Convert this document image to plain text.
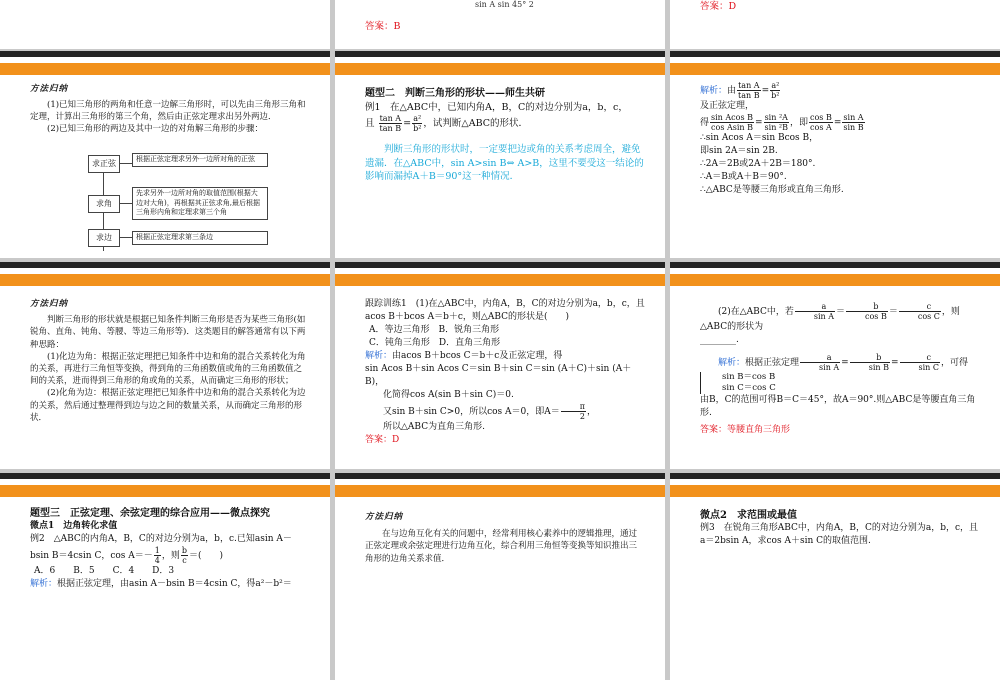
sin A sin 45° 2

答案：B

答案：D

方法归纳

(1)已知三角形的两角和任意一边解三角形时，可以先由三角形三角和定理，计算出三角形的第三个角，然后由正弦定理求出另外两边．

(2)已知三角形的两边及其中一边的对角解三角形的步骤：

求正弦	根据正弦定理求另外一边所对角的正弦
求角
先求另外一边所对角的取值范围(根据大边对大角)，再根据其正弦求角,最后根据三角形内角和定理求第三个角
求边	根据正弦定理求第三条边

题型二　判断三角形的形状——师生共研

例1　在△ABC中，已知内角A，B，C的对边分别为a，b，c，

且 $\frac{\text{tan A}}{\text{tan B}} = \frac{\text{a²}}{\text{b²}}$ ，试判断△ABC的形状．

判断三角形的形状时，一定要把边或角的关系考虑周全，避免遗漏．在△ABC中，sin A>sin B⇔ A>B，这里不要受这一结论的影响而漏掉A＋B＝90°这一种情况．

解析：由 $\frac{\text{tan A}}{\text{tan B}} = \frac{\text{a²}}{\text{b²}}$

及正弦定理，

得 $\frac{\text{sin Acos B}}{\text{cos Asin B}} = \frac{\text{sin ²A}}{\text{sin ²B}}$ ，即 $\frac{\text{cos B}}{\text{cos A}} = \frac{\text{sin A}}{\text{sin B}}$

∴sin Acos A＝sin Bcos B，

即sin 2A＝sin 2B.

∴2A＝2B或2A＋2B＝180°.

∴A＝B或A＋B＝90°.

∴△ABC是等腰三角形或直角三角形.

方法归纳

判断三角形的形状就是根据已知条件判断三角形是否为某些三角形(如锐角、直角、钝角、等腰、等边三角形等)．这类题目的解答通常有以下两种思路：

(1)化边为角：根据正弦定理把已知条件中边和角的混合关系转化为角的关系，再进行三角恒等变换，得到角的三角函数值或角的三角函数值之间的关系，进而得到三角形的角或角的关系，从而确定三角形的形状；

(2)化角为边：根据正弦定理把已知条件中边和角的混合关系转化为边的关系，然后通过整理得到边与边之间的数量关系，从而确定三角形的形状．

跟踪训练1　(1)在△ABC中，内角A，B，C的对边分别为a，b，c，且acos B＋bcos A＝b＋c，则△ABC的形状是(　　)

A．等边三角形　 B．锐角三角形

C．钝角三角形　 D．直角三角形

解析：由acos B＋bcos C＝b＋c及正弦定理，得

sin Acos B＋sin Acos C＝sin B＋sin C＝sin (A＋C)＋sin (A＋B)，

化简得cos A(sin B＋sin C)＝0.

又sin B＋sin C>0，所以cos A＝0，即$A= \frac{\pi}{2}$ ，

所以△ABC为直角三角形.

答案：D

(2)在△ABC中，若 $\frac{a}{\text{sin A}} = \frac{b}{\text{cos B}} = \frac{c}{\text{cos C}}$ ，则△ABC的形状为

________.

解析：根据正弦定理 $\frac{a}{\text{sin A}} = \frac{b}{\text{sin B}} = \frac{c}{\text{sin C}}$ ，可得
sin B＝cos B
sin C＝cos C

由B，C的范围可得B＝C＝45°，故A＝90°.则△ABC是等腰直角三角形.

答案：等腰直角三角形

题型三　正弦定理、余弦定理的综合应用——微点探究

微点1　边角转化求值

例2　△ABC的内角A，B，C的对边分别为a，b，c.已知asin A－bsin B＝4csin C，$\cos A=- \frac{1}{4}$ ，则 $\frac{b}{c}$ ＝(　　)

A．6　　B．5　　C．4　　D．3

解析：根据正弦定理，由asin A－bsin B＝4csin C，得a²－b²＝

方法归纳

在与边角互化有关的问题中，经常利用核心素养中的逻辑推理，通过正弦定理或余弦定理进行边角互化，综合利用三角恒等变换等知识推出三角形的边角关系求值．

微点2　求范围或最值

例3　在锐角三角形ABC中，内角A，B，C的对边分别为a，b，c，且a＝2bsin A，求cos A＋sin C的取值范围.
